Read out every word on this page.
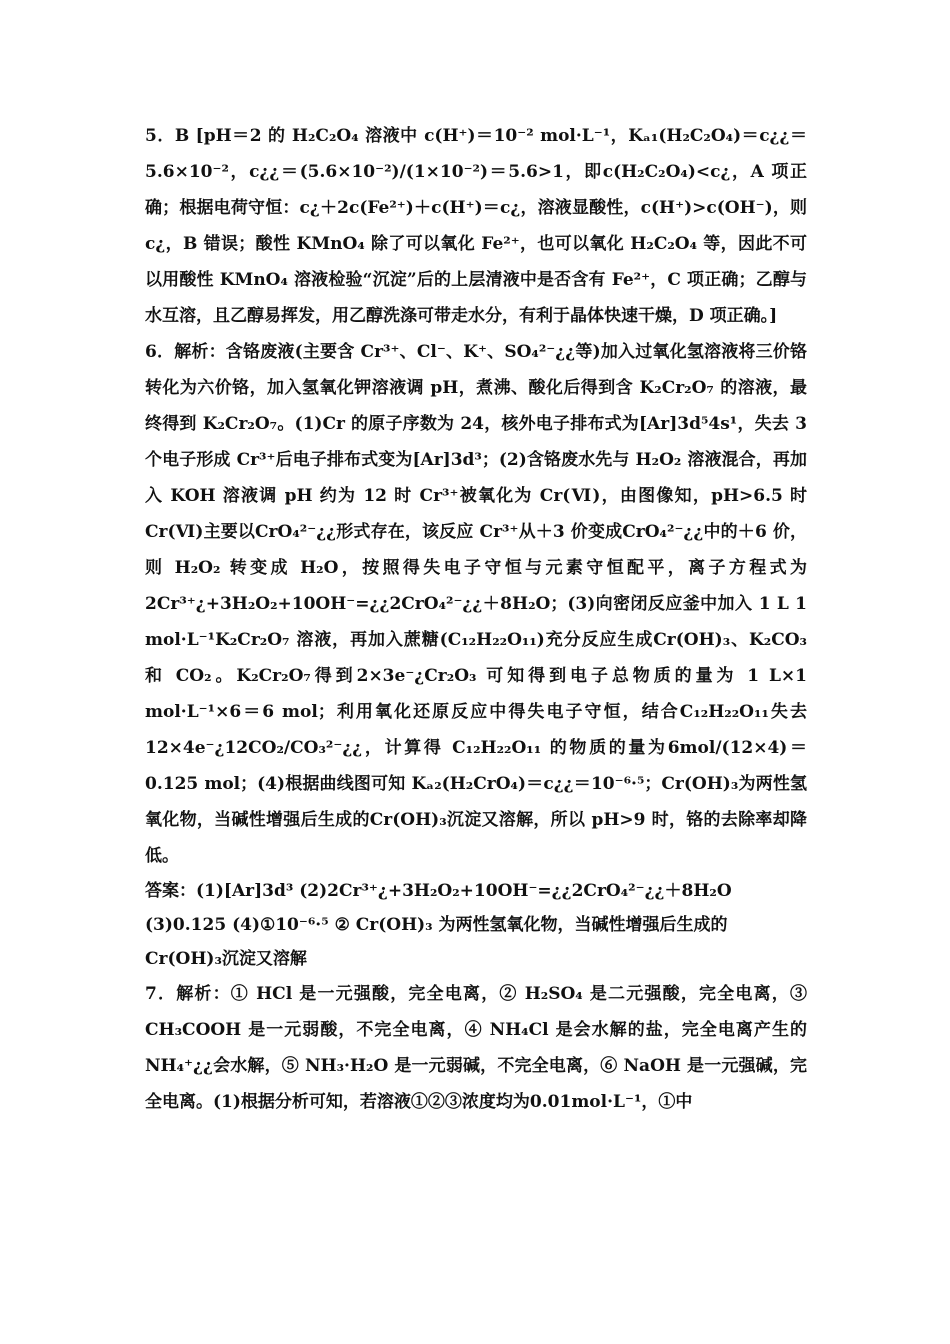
5．B [pH＝2 的 H₂C₂O₄ 溶液中 c(H⁺)＝10⁻² mol·L⁻¹，Kₐ₁(H₂C₂O₄)＝c¿¿＝5.6×10⁻²，c¿¿＝(5.6×10⁻²)/(1×10⁻²)＝5.6>1，即c(H₂C₂O₄)<c¿，A 项正确；根据电荷守恒：c¿＋2c(Fe²⁺)＋c(H⁺)＝c¿，溶液显酸性，c(H⁺)>c(OH⁻)，则c¿，B 错误；酸性 KMnO₄ 除了可以氧化 Fe²⁺，也可以氧化 H₂C₂O₄ 等，因此不可以用酸性 KMnO₄ 溶液检验“沉淀”后的上层清液中是否含有 Fe²⁺，C 项正确；乙醇与水互溶，且乙醇易挥发，用乙醇洗涤可带走水分，有利于晶体快速干燥，D 项正确。]

6．解析：含铬废液(主要含 Cr³⁺、Cl⁻、K⁺、SO₄²⁻¿¿等)加入过氧化氢溶液将三价铬转化为六价铬，加入氢氧化钾溶液调 pH，煮沸、酸化后得到含 K₂Cr₂O₇ 的溶液，最终得到 K₂Cr₂O₇。(1)Cr 的原子序数为 24，核外电子排布式为[Ar]3d⁵4s¹，失去 3 个电子形成 Cr³⁺后电子排布式变为[Ar]3d³；(2)含铬废水先与 H₂O₂ 溶液混合，再加入 KOH 溶液调 pH 约为 12 时 Cr³⁺被氧化为 Cr(Ⅵ)，由图像知，pH>6.5 时 Cr(Ⅵ)主要以CrO₄²⁻¿¿形式存在，该反应 Cr³⁺从＋3 价变成CrO₄²⁻¿¿中的＋6 价，则 H₂O₂ 转变成 H₂O，按照得失电子守恒与元素守恒配平，离子方程式为2Cr³⁺¿+3H₂O₂+10OH⁻=¿¿2CrO₄²⁻¿¿＋8H₂O；(3)向密闭反应釜中加入 1 L 1 mol·L⁻¹K₂Cr₂O₇ 溶液，再加入蔗糖(C₁₂H₂₂O₁₁)充分反应生成Cr(OH)₃、K₂CO₃ 和 CO₂。K₂Cr₂O₇得到2×3e⁻¿Cr₂O₃ 可知得到电子总物质的量为 1 L×1 mol·L⁻¹×6＝6 mol；利用氧化还原反应中得失电子守恒，结合C₁₂H₂₂O₁₁失去12×4e⁻¿12CO₂/CO₃²⁻¿¿，计算得 C₁₂H₂₂O₁₁ 的物质的量为6mol/(12×4)＝0.125 mol；(4)根据曲线图可知 Kₐ₂(H₂CrO₄)＝c¿¿＝10⁻⁶·⁵；Cr(OH)₃为两性氢氧化物，当碱性增强后生成的Cr(OH)₃沉淀又溶解，所以 pH>9 时，铬的去除率却降低。

答案：(1)[Ar]3d³ (2)2Cr³⁺¿+3H₂O₂+10OH⁻=¿¿2CrO₄²⁻¿¿＋8H₂O

(3)0.125 (4)①10⁻⁶·⁵ ② Cr(OH)₃ 为两性氢氧化物，当碱性增强后生成的 Cr(OH)₃沉淀又溶解

7．解析：① HCl 是一元强酸，完全电离，② H₂SO₄ 是二元强酸，完全电离，③ CH₃COOH 是一元弱酸，不完全电离，④ NH₄Cl 是会水解的盐，完全电离产生的NH₄⁺¿¿会水解，⑤ NH₃·H₂O 是一元弱碱，不完全电离，⑥ NaOH 是一元强碱，完全电离。(1)根据分析可知，若溶液①②③浓度均为0.01mol·L⁻¹，①中
